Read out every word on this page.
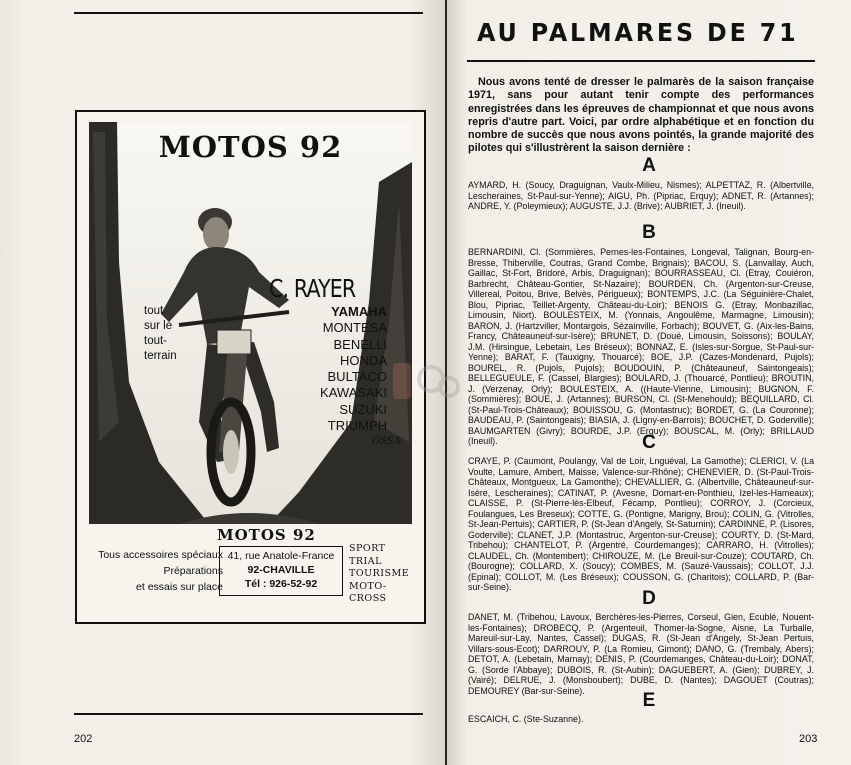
MOTOS 92
C. RAYER
tout
sur le
tout-
terrain
YAMAHA
MONTESA
BENELLI
HONDA
BULTACO
KAWASAKI
SUZUKI
TRIUMPH
OSSA
MOTOS 92
Tous accessoires spéciaux
Préparations
et essais sur place
41, rue Anatole-France
92-CHAVILLE
Tél : 926-52-92
SPORT
TRIAL
TOURISME
MOTO-CROSS
202
AU PALMARES DE 71
Nous avons tenté de dresser le palmarès de la saison française 1971, sans pour autant tenir compte des performances enregistrées dans les épreuves de championnat et que nous avons repris d'autre part. Voici, par ordre alphabétique et en fonction du nombre de succès que nous avons pointés, la grande majorité des pilotes qui s'illustrèrent la saison dernière :
A
AYMARD, H. (Soucy, Draguignan, Vaulx-Milieu, Nismes); ALPETTAZ, R. (Albertville, Lescheraines, St-Paul-sur-Yenne); AIGU, Ph. (Pipriac, Erquy); ADNET, R. (Artannes); ANDRE, Y. (Poleymieux); AUGUSTE, J.J. (Brive); AUBRIET, J. (Ineuil).
B
BERNARDINI, Cl. (Sommières, Pernes-les-Fontaines, Longeval, Talignan, Bourg-en-Bresse, Thiberville, Coutras, Grand Combe, Brignais); BACOU, S. (Lanvallay, Auch, Gaillac, St-Fort, Bridoré, Arbis, Draguignan); BOURRASSEAU, Cl. (Etray, Couiéron, Barbrecht, Château-Gontier, St-Nazaire); BOURDEN, Ch. (Argenton-sur-Creuse, Villereal, Poitou, Brive, Belvès, Périgueux); BONTEMPS, J.C. (La Séguinière-Chalet, Blou, Pipriac, Teillet-Argenty, Château-du-Loir); BENOIS G. (Etray, Monbazillac, Limousin, Niort). BOULESTEIX, M. (Yonnais, Angoulême, Marmagne, Limousin); BARON, J. (Hartzviller, Montargois, Sézainville, Forbach); BOUVET, G. (Aix-les-Bains, Francy, Châteauneuf-sur-Isère); BRUNET, D. (Doué, Limousin, Soissons); BOULAY, J.M. (Hirsingue, Lebetain, Les Bréseux); BONNAZ, E. (Isles-sur-Sorgue, St-Paul-sur-Yenne); BARAT, F. (Tauxigny, Thouarcé); BOE, J.P. (Cazes-Mondenard, Pujols); BOUREL, R. (Pujols, Pujols); BOUDOUIN, P. (Châteauneuf, Saintongeais); BELLEGUEULE, F. (Cassel, Blargies); BOULARD, J. (Thouarcé, Pontlieu); BROUTIN, J. (Verzenay, Orly); BOULESTEIX, A. ((Haute-Vienne, Limousin); BUGNON, F. (Sommières); BOUE, J. (Artannes); BURSON, Cl. (St-Menehould); BEQUILLARD, Cl. (St-Paul-Trois-Châteaux); BOUISSOU, G. (Montastruc); BORDET, G. (La Couronne); BAUDEAU, P. (Saintongeais); BIASIA, J. (Ligny-en-Barrois); BOUCHET, D. Goderville); BAUMGARTEN (Givry); BOURDE, J.P. (Erquy); BOUSCAL, M. (Orly); BRILLAUD (Ineuil).	C
CRAYE, P. (Caumont, Poulangy, Val de Loir, Lnguéval, La Gamothe); CLERICI, V. (La Voulte, Lamure, Ambert, Maisse, Valence-sur-Rhône); CHENEVIER, D. (St-Paul-Trois-Châteaux, Montgueux, La Gamonthe); CHEVALLIER, G. (Albertville, Châteauneuf-sur-Isère, Lescheraines); CATINAT, P. (Avesne, Domart-en-Ponthieu, Izel-les-Hameaux); CLAISSE, P. (St-Pierre-lès-Elbeuf, Fécamp, Pontlieu); CORROY, J. (Corcieux, Foulangues, Les Breseux); COTTE, G. (Pontigne, Marigny, Brou); COLIN, G. (Vitrolles, St-Jean-Pertuis); CARTIER, P. (St-Jean d'Angely, St-Saturnin); CARDINNE, P. (Lisores, Goderville); CLANET, J.P. (Montastruc, Argenton-sur-Creuse); COURTY, D. (St-Mard, Tribehou); CHANTELOT, P. (Argentré, Courdemanges); CARRARO, H. (Vitrolles); CLAUDEL, Ch. (Montembert); CHIROUZE, M. (Le Breuil-sur-Couze); COUTARD, Ch. (Bourogne); COLLARD, X. (Soucy); COMBES, M. (Sauzé-Vaussais); COLLOT, J.J. (Epinal); COLLOT, M. (Les Bréseux); COUSSON, G. (Charitois); COLLARD, P. (Bar-sur-Seine).
D
DANET, M. (Tribehou, Lavoux, Berchères-les-Pierres, Corseul, Gien, Ecublé, Nouent-les-Fontaines); DROBECQ, P. (Argenteuil, Thomer-la-Sogne, Aisne, La Turballe, Mareuil-sur-Lay, Nantes, Cassel); DUGAS, R. (St-Jean d'Angely, St-Jean Pertuis, Villars-sous-Ecot); DARROUY, P. (La Romieu, Gimont); DANO, G. (Trembaly, Abers); DETOT, A. (Lebetain, Marnay); DENIS, P. (Courdemanges, Château-du-Loir); DONAT, G. (Sorde l'Abbaye); DUBOIS, R. (St-Aubin); DAGUEBERT, A. (Gien); DUBREY, J. (Vairé); DELRUE, J. (Monsboubert); DUBE, D. (Nantes); DAGOUET (Coutras); DEMOUREY (Bar-sur-Seine).	E
ESCAICH, C. (Ste-Suzanne).
203
